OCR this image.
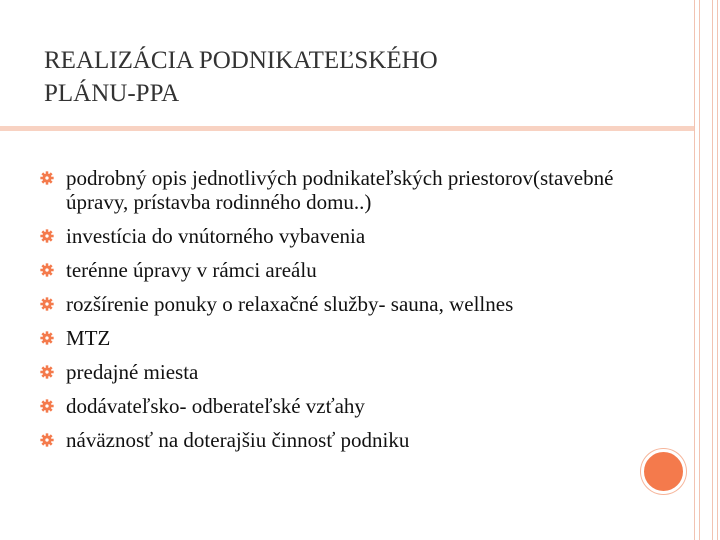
REALIZÁCIA PODNIKATEĽSKÉHO
PLÁNU-PPA
podrobný opis jednotlivých podnikateľských priestorov(stavebné úpravy, prístavba rodinného domu..)
investícia do vnútorného vybavenia
terénne úpravy v rámci areálu
rozšírenie ponuky o relaxačné služby- sauna, wellnes
MTZ
predajné miesta
dodávateľsko- odberateľské vzťahy
náväznosť na doterajšiu činnosť podniku
